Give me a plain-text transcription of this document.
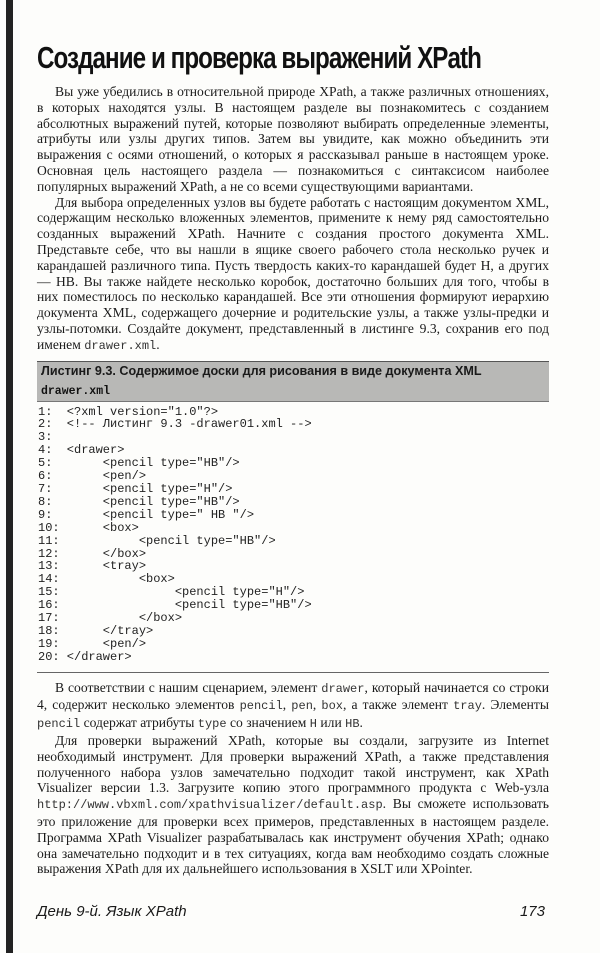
Создание и проверка выражений XPath

Вы уже убедились в относительной природе XPath, а также различных отношениях, в которых находятся узлы. В настоящем разделе вы познакомитесь с созданием абсолютных выражений путей, которые позволяют выбирать определенные элементы, атрибуты или узлы других типов. Затем вы увидите, как можно объединить эти выражения с осями отношений, о которых я рассказывал раньше в настоящем уроке. Основная цель настоящего раздела — познакомиться с синтаксисом наиболее популярных выражений XPath, а не со всеми существующими вариантами.

Для выбора определенных узлов вы будете работать с настоящим документом XML, содержащим несколько вложенных элементов, примените к нему ряд самостоятельно созданных выражений XPath. Начните с создания простого документа XML. Представьте себе, что вы нашли в ящике своего рабочего стола несколько ручек и карандашей различного типа. Пусть твердость каких-то карандашей будет H, а других — HB. Вы также найдете несколько коробок, достаточно больших для того, чтобы в них поместилось по несколько карандашей. Все эти отношения формируют иерархию документа XML, содержащего дочерние и родительские узлы, а также узлы-предки и узлы-потомки. Создайте документ, представленный в листинге 9.3, сохранив его под именем drawer.xml.

Листинг 9.3. Содержимое доски для рисования в виде документа XML drawer.xml
1:  <?xml version="1.0"?>
2:  <!-- Листинг 9.3 -drawer01.xml -->
3:
4:  <drawer>
5:       <pencil type="HB"/>
6:       <pen/>
7:       <pencil type="H"/>
8:       <pencil type="HB"/>
9:       <pencil type=" HB "/>
10:      <box>
11:           <pencil type="HB"/>
12:      </box>
13:      <tray>
14:           <box>
15:                <pencil type="H"/>
16:                <pencil type="HB"/>
17:           </box>
18:      </tray>
19:      <pen/>
20: </drawer>

В соответствии с нашим сценарием, элемент drawer, который начинается со строки 4, содержит несколько элементов pencil, pen, box, а также элемент tray. Элементы pencil содержат атрибуты type со значением H или HB.

Для проверки выражений XPath, которые вы создали, загрузите из Internet необходимый инструмент. Для проверки выражений XPath, а также представления полученного набора узлов замечательно подходит такой инструмент, как XPath Visualizer версии 1.3. Загрузите копию этого программного продукта с Web-узла http://www.vbxml.com/xpathvisualizer/default.asp. Вы сможете использовать это приложение для проверки всех примеров, представленных в настоящем разделе. Программа XPath Visualizer разрабатывалась как инструмент обучения XPath; однако она замечательно подходит и в тех ситуациях, когда вам необходимо создать сложные выражения XPath для их дальнейшего использования в XSLT или XPointer.

День 9-й. Язык XPath	173
